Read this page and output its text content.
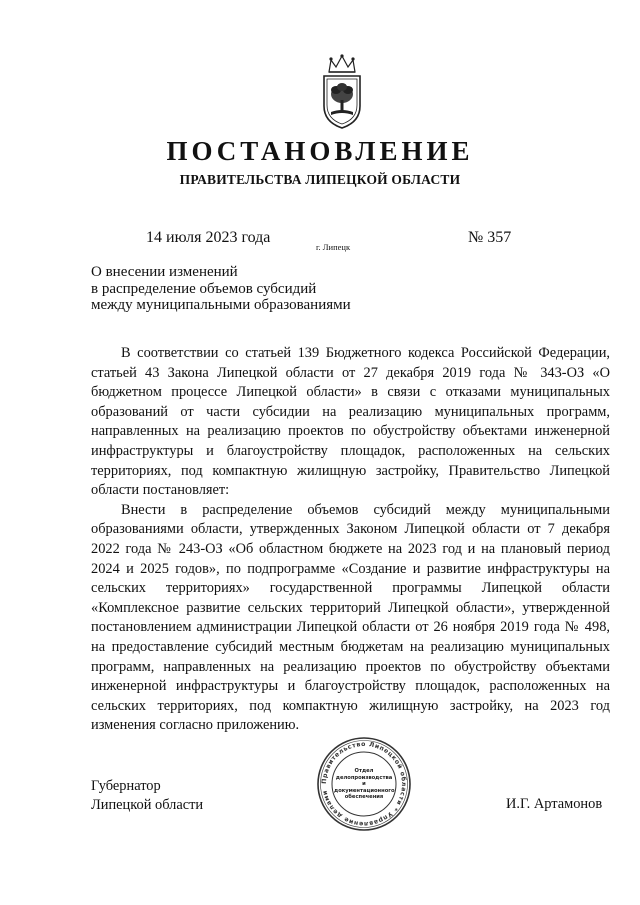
ПОСТАНОВЛЕНИЕ
ПРАВИТЕЛЬСТВА ЛИПЕЦКОЙ ОБЛАСТИ
14 июля 2023 года
г. Липецк
№ 357
О внесении изменений
в распределение объемов субсидий
между муниципальными образованиями

В соответствии со статьей 139 Бюджетного кодекса Российской Федерации, статьей 43 Закона Липецкой области от 27 декабря 2019 года № 343-ОЗ «О бюджетном процессе Липецкой области» в связи с отказами муниципальных образований от части субсидии на реализацию муниципальных программ, направленных на реализацию проектов по обустройству объектами инженерной инфраструктуры и благоустройству площадок, расположенных на сельских территориях, под компактную жилищную застройку, Правительство Липецкой области постановляет:

Внести в распределение объемов субсидий между муниципальными образованиями области, утвержденных Законом Липецкой области от 7 декабря 2022 года № 243-ОЗ «Об областном бюджете на 2023 год и на плановый период 2024 и 2025 годов», по подпрограмме «Создание и развитие инфраструктуры на сельских территориях» государственной программы Липецкой области «Комплексное развитие сельских территорий Липецкой области», утвержденной постановлением администрации Липецкой области от 26 ноября 2019 года № 498, на предоставление субсидий местным бюджетам на реализацию муниципальных программ, направленных на реализацию проектов по обустройству объектами инженерной инфраструктуры и благоустройству площадок, расположенных на сельских территориях, под компактную жилищную застройку, на 2023 год изменения согласно приложению.

Губернатор
Липецкой области
Правительство Липецкой области * Управление делами
Отдел
делопроизводства и
документационного
обеспечения	И.Г. Артамонов
